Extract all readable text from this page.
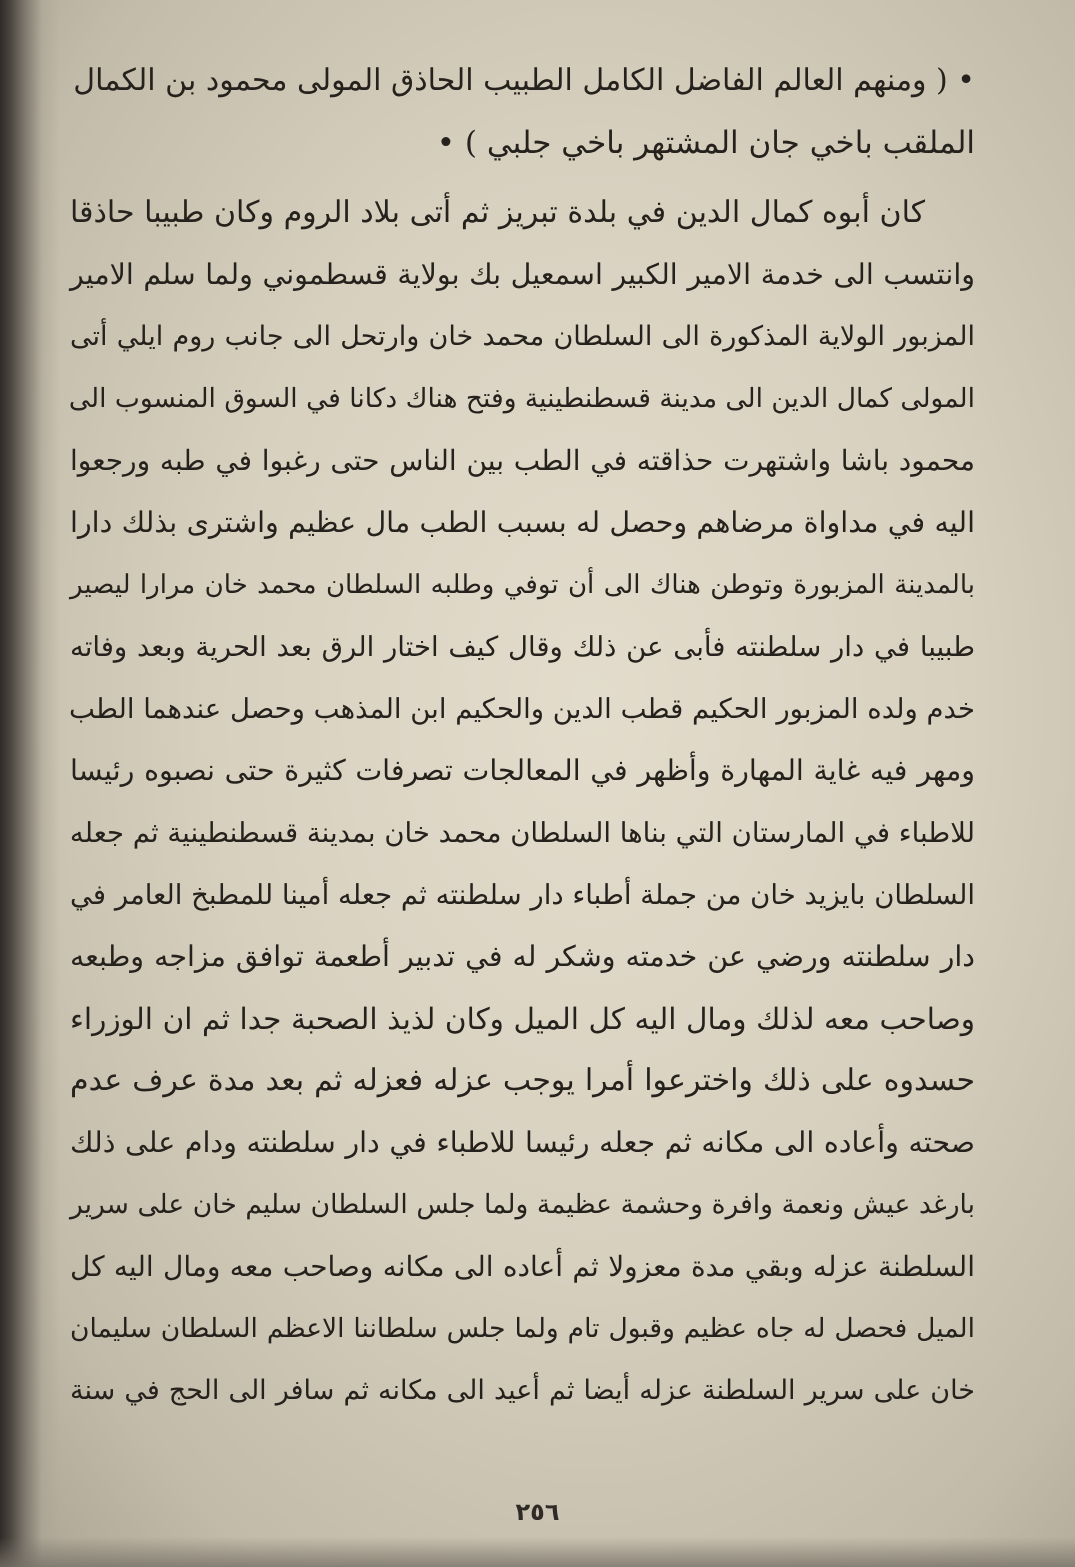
• ( ومنهم العالم الفاضل الكامل الطبيب الحاذق المولى محمود بن الكمال
الملقب باخي جان المشتهر باخي جلبي ) •
كان أبوه كمال الدين في بلدة تبريز ثم أتى بلاد الروم وكان طبيبا حاذقا
وانتسب الى خدمة الامير الكبير اسمعيل بك بولاية قسطموني ولما سلم الامير
المزبور الولاية المذكورة الى السلطان محمد خان وارتحل الى جانب روم ايلي أتى
المولى كمال الدين الى مدينة قسطنطينية وفتح هناك دكانا في السوق المنسوب الى
محمود باشا واشتهرت حذاقته في الطب بين الناس حتى رغبوا في طبه ورجعوا
اليه في مداواة مرضاهم وحصل له بسبب الطب مال عظيم واشترى بذلك دارا
بالمدينة المزبورة وتوطن هناك الى أن توفي وطلبه السلطان محمد خان مرارا ليصير
طبيبا في دار سلطنته فأبى عن ذلك وقال كيف اختار الرق بعد الحرية وبعد وفاته
خدم ولده المزبور الحكيم قطب الدين والحكيم ابن المذهب وحصل عندهما الطب
ومهر فيه غاية المهارة وأظهر في المعالجات تصرفات كثيرة حتى نصبوه رئيسا
للاطباء في المارستان التي بناها السلطان محمد خان بمدينة قسطنطينية ثم جعله
السلطان بايزيد خان من جملة أطباء دار سلطنته ثم جعله أمينا للمطبخ العامر في
دار سلطنته ورضي عن خدمته وشكر له في تدبير أطعمة توافق مزاجه وطبعه
وصاحب معه لذلك ومال اليه كل الميل وكان لذيذ الصحبة جدا ثم ان الوزراء
حسدوه على ذلك واخترعوا أمرا يوجب عزله فعزله ثم بعد مدة عرف عدم
صحته وأعاده الى مكانه ثم جعله رئيسا للاطباء في دار سلطنته ودام على ذلك
بارغد عيش ونعمة وافرة وحشمة عظيمة ولما جلس السلطان سليم خان على سرير
السلطنة عزله وبقي مدة معزولا ثم أعاده الى مكانه وصاحب معه ومال اليه كل
الميل فحصل له جاه عظيم وقبول تام ولما جلس سلطاننا الاعظم السلطان سليمان
خان على سرير السلطنة عزله أيضا ثم أعيد الى مكانه ثم سافر الى الحج في سنة
٢٥٦
